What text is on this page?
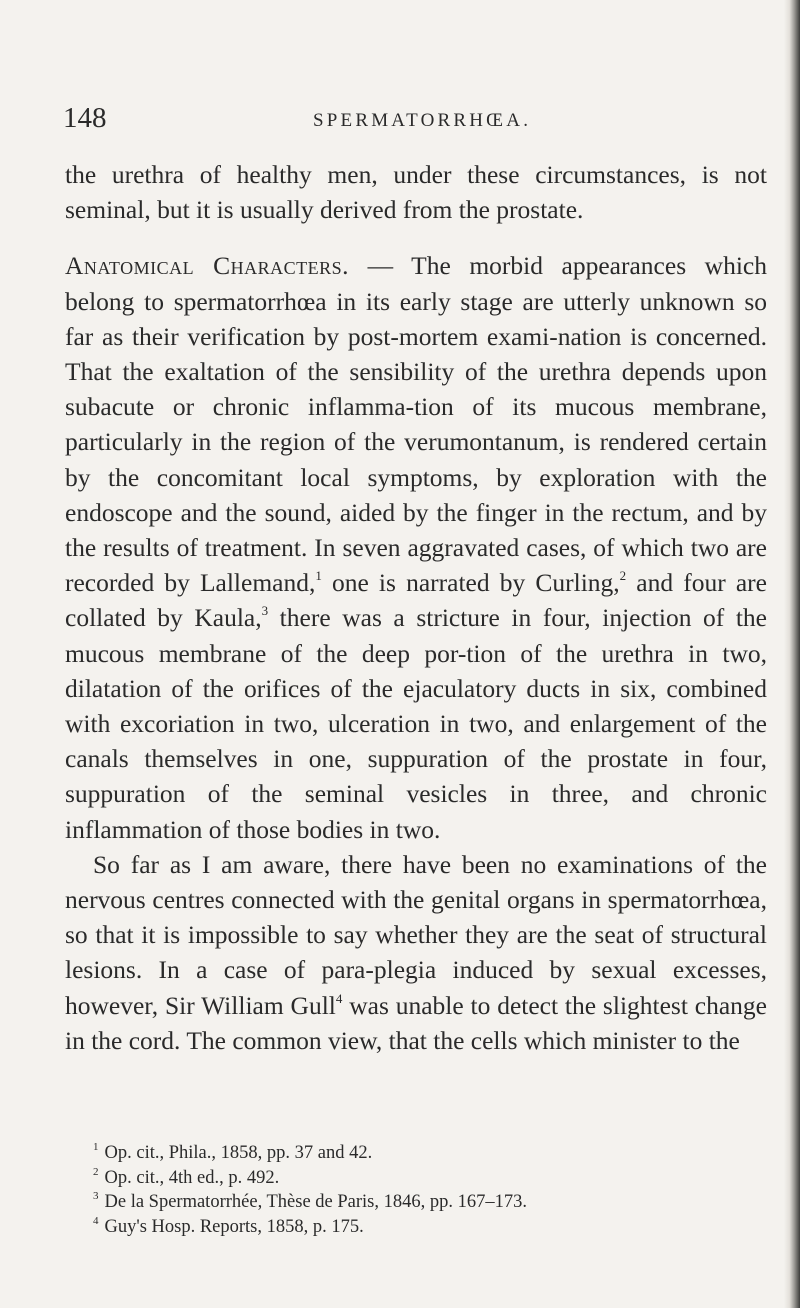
148	SPERMATORRHŒA.

the urethra of healthy men, under these circumstances, is not seminal, but it is usually derived from the prostate.

Anatomical Characters. — The morbid appearances which belong to spermatorrhœa in its early stage are utterly unknown so far as their verification by post-mortem exami-nation is concerned. That the exaltation of the sensibility of the urethra depends upon subacute or chronic inflamma-tion of its mucous membrane, particularly in the region of the verumontanum, is rendered certain by the concomitant local symptoms, by exploration with the endoscope and the sound, aided by the finger in the rectum, and by the results of treatment. In seven aggravated cases, of which two are recorded by Lallemand,$^1$ one is narrated by Curling,$^2$ and four are collated by Kaula,$^3$ there was a stricture in four, injection of the mucous membrane of the deep por-tion of the urethra in two, dilatation of the orifices of the ejaculatory ducts in six, combined with excoriation in two, ulceration in two, and enlargement of the canals themselves in one, suppuration of the prostate in four, suppuration of the seminal vesicles in three, and chronic inflammation of those bodies in two.

So far as I am aware, there have been no examinations of the nervous centres connected with the genital organs in spermatorrhœa, so that it is impossible to say whether they are the seat of structural lesions. In a case of para-plegia induced by sexual excesses, however, Sir William Gull$^4$ was unable to detect the slightest change in the cord. The common view, that the cells which minister to the

$^1$ Op. cit., Phila., 1858, pp. 37 and 42.
$^2$ Op. cit., 4th ed., p. 492.
$^3$ De la Spermatorrhée, Thèse de Paris, 1846, pp. 167–173.
$^4$ Guy's Hosp. Reports, 1858, p. 175.
